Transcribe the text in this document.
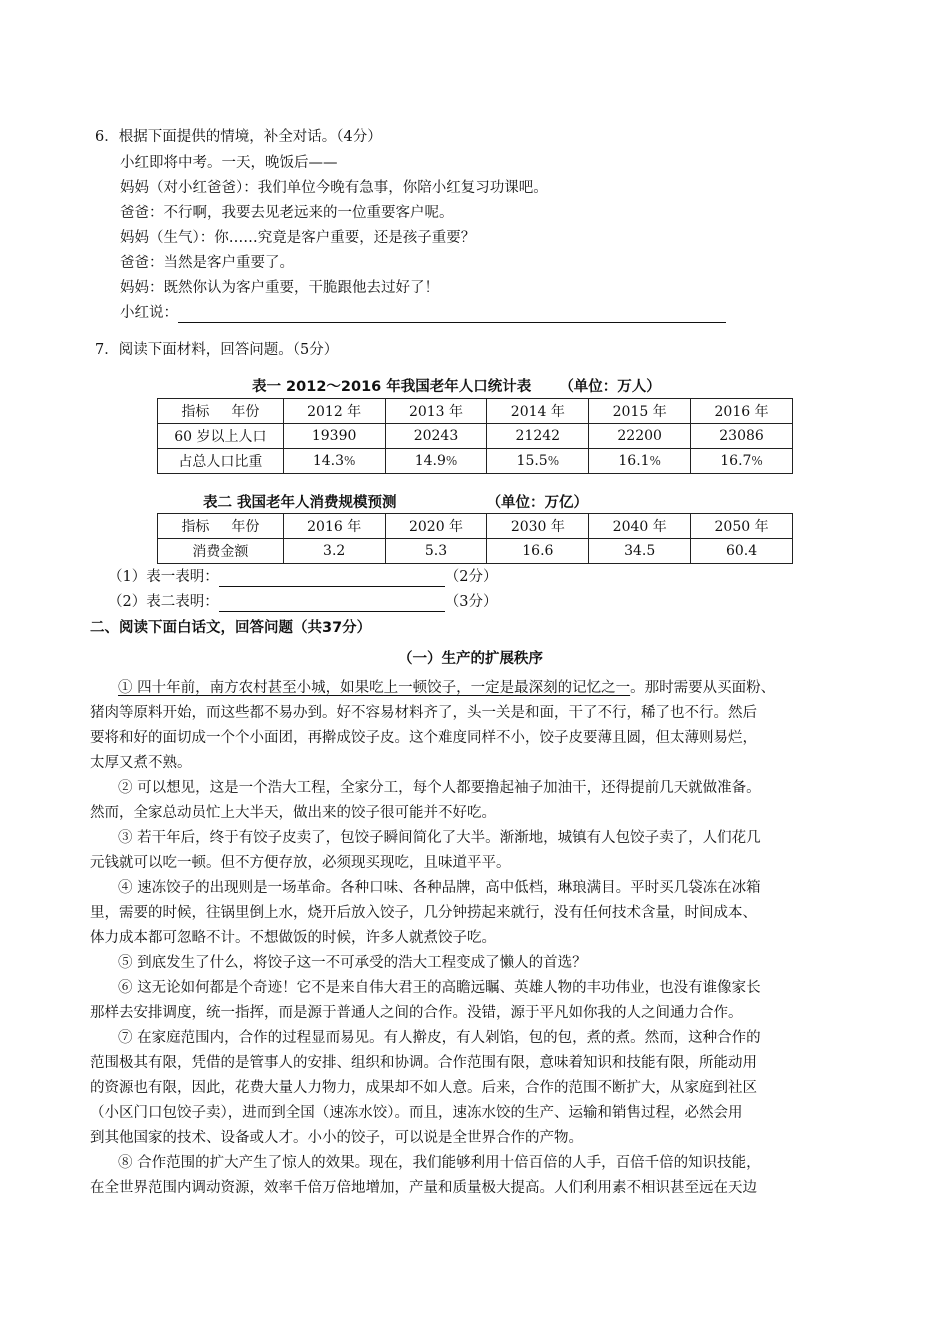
6．根据下面提供的情境，补全对话。（4分）
小红即将中考。一天，晚饭后——
妈妈（对小红爸爸）：我们单位今晚有急事，你陪小红复习功课吧。
爸爸：不行啊，我要去见老远来的一位重要客户呢。
妈妈（生气）：你……究竟是客户重要，还是孩子重要？
爸爸：当然是客户重要了。
妈妈：既然你认为客户重要，干脆跟他去过好了！
小红说：
7．阅读下面材料，回答问题。（5分）
表一 2012～2016 年我国老年人口统计表 （单位：万人）
指标 年份	2012 年	2013 年	2014 年	2015 年	2016 年
60 岁以上人口	19390	20243	21242	22200	23086
占总人口比重	14.3%	14.9%	15.5%	16.1%	16.7%
表二 我国老年人消费规模预测	（单位：万亿）
指标 年份	2016 年	2020 年	2030 年	2040 年	2050 年
消费金额	3.2	5.3	16.6	34.5	60.4
（1）表一表明：	（2分）
（2）表二表明：	（3分）
二、阅读下面白话文，回答问题（共37分）
（一）生产的扩展秩序
① 四十年前，南方农村甚至小城，如果吃上一顿饺子，一定是最深刻的记忆之一。那时需要从买面粉、
猪肉等原料开始，而这些都不易办到。好不容易材料齐了，头一关是和面，干了不行，稀了也不行。然后
要将和好的面切成一个个小面团，再擀成饺子皮。这个难度同样不小，饺子皮要薄且圆，但太薄则易烂，
太厚又煮不熟。
② 可以想见，这是一个浩大工程，全家分工，每个人都要撸起袖子加油干，还得提前几天就做准备。
然而，全家总动员忙上大半天，做出来的饺子很可能并不好吃。
③ 若干年后，终于有饺子皮卖了，包饺子瞬间简化了大半。渐渐地，城镇有人包饺子卖了，人们花几
元钱就可以吃一顿。但不方便存放，必须现买现吃，且味道平平。
④ 速冻饺子的出现则是一场革命。各种口味、各种品牌，高中低档，琳琅满目。平时买几袋冻在冰箱
里，需要的时候，往锅里倒上水，烧开后放入饺子，几分钟捞起来就行，没有任何技术含量，时间成本、
体力成本都可忽略不计。不想做饭的时候，许多人就煮饺子吃。
⑤ 到底发生了什么，将饺子这一不可承受的浩大工程变成了懒人的首选？
⑥ 这无论如何都是个奇迹！它不是来自伟大君王的高瞻远瞩、英雄人物的丰功伟业，也没有谁像家长
那样去安排调度，统一指挥，而是源于普通人之间的合作。没错，源于平凡如你我的人之间通力合作。
⑦ 在家庭范围内，合作的过程显而易见。有人擀皮，有人剁馅，包的包，煮的煮。然而，这种合作的
范围极其有限，凭借的是管事人的安排、组织和协调。合作范围有限，意味着知识和技能有限，所能动用
的资源也有限，因此，花费大量人力物力，成果却不如人意。后来，合作的范围不断扩大，从家庭到社区
（小区门口包饺子卖），进而到全国（速冻水饺）。而且，速冻水饺的生产、运输和销售过程，必然会用
到其他国家的技术、设备或人才。小小的饺子，可以说是全世界合作的产物。
⑧ 合作范围的扩大产生了惊人的效果。现在，我们能够利用十倍百倍的人手，百倍千倍的知识技能，
在全世界范围内调动资源，效率千倍万倍地增加，产量和质量极大提高。人们利用素不相识甚至远在天边
